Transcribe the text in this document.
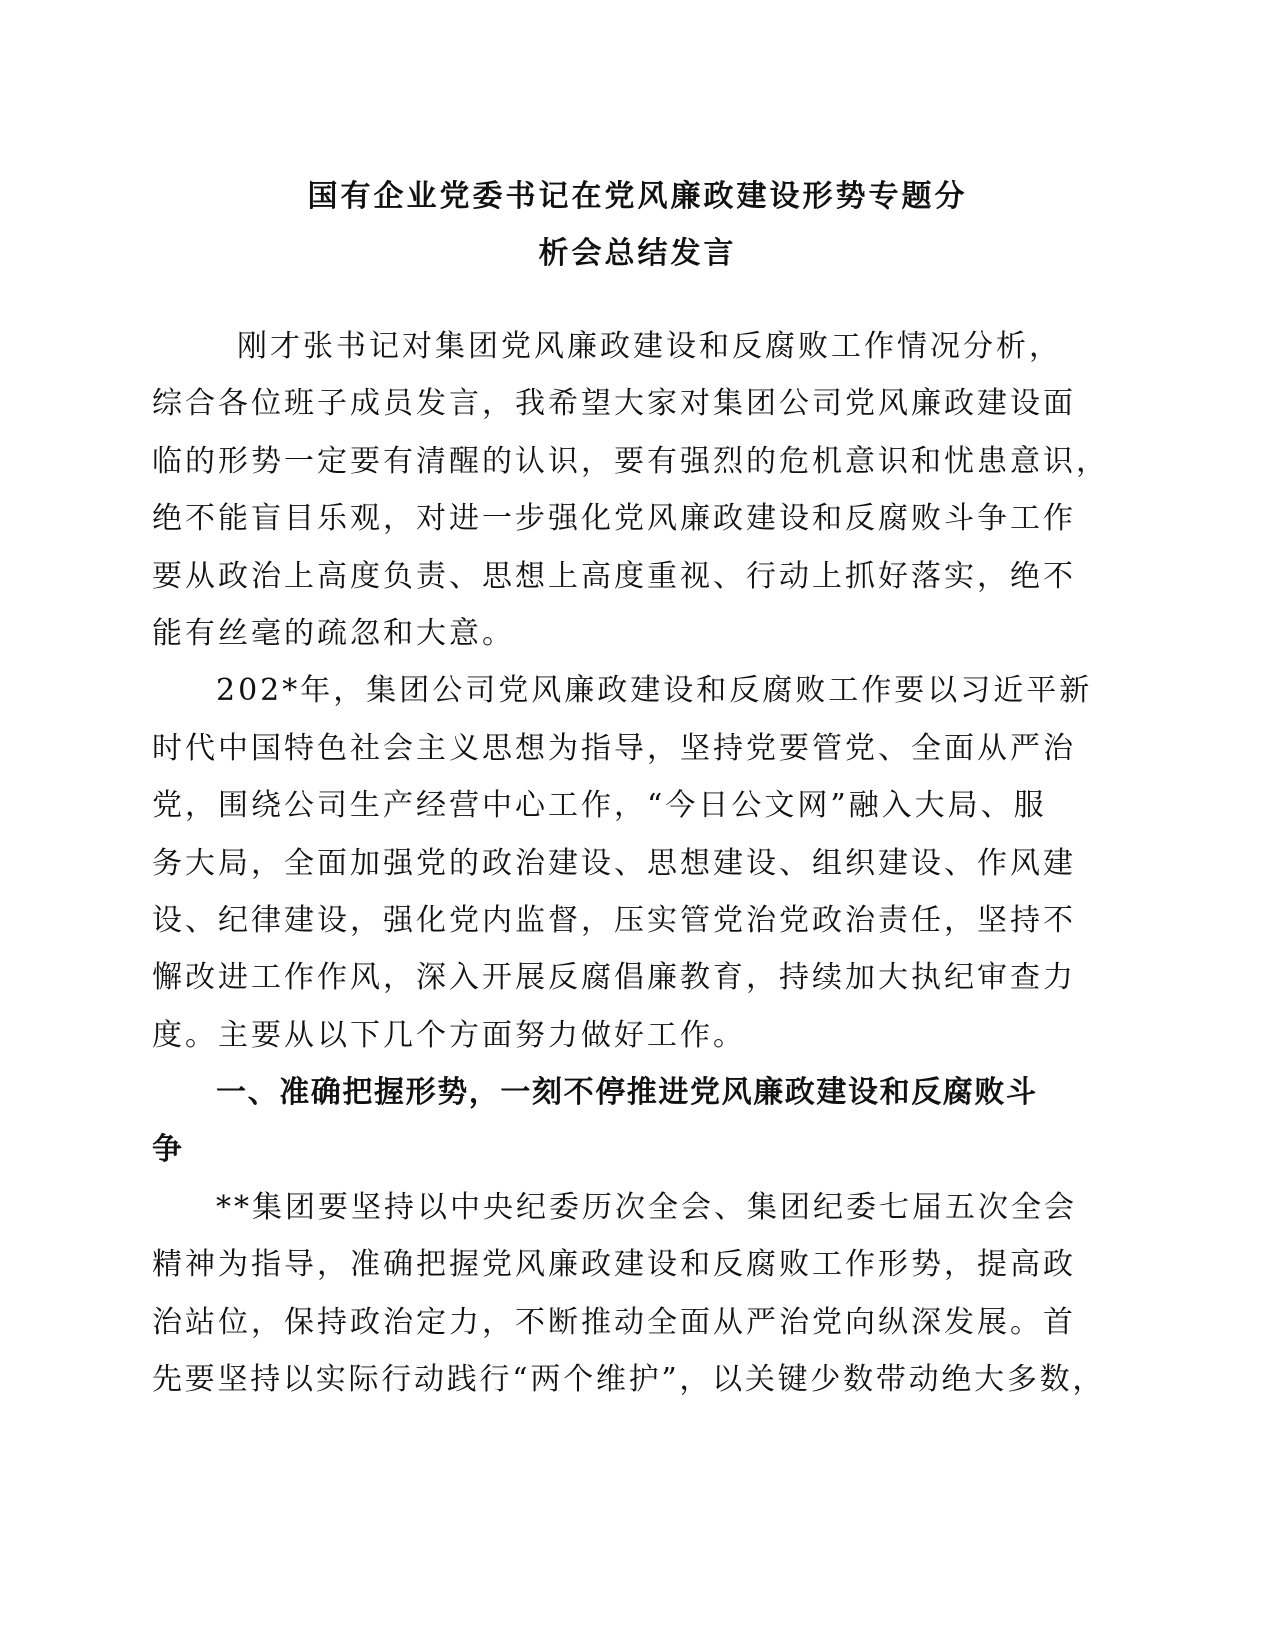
国有企业党委书记在党风廉政建设形势专题分
析会总结发言
刚才张书记对集团党风廉政建设和反腐败工作情况分析，
综合各位班子成员发言，我希望大家对集团公司党风廉政建设面
临的形势一定要有清醒的认识，要有强烈的危机意识和忧患意识，
绝不能盲目乐观，对进一步强化党风廉政建设和反腐败斗争工作
要从政治上高度负责、思想上高度重视、行动上抓好落实，绝不
能有丝毫的疏忽和大意。
202*年，集团公司党风廉政建设和反腐败工作要以习近平新
时代中国特色社会主义思想为指导，坚持党要管党、全面从严治
党，围绕公司生产经营中心工作，“今日公文网”融入大局、服
务大局，全面加强党的政治建设、思想建设、组织建设、作风建
设、纪律建设，强化党内监督，压实管党治党政治责任，坚持不
懈改进工作作风，深入开展反腐倡廉教育，持续加大执纪审查力
度。主要从以下几个方面努力做好工作。
一、准确把握形势，一刻不停推进党风廉政建设和反腐败斗
争
**集团要坚持以中央纪委历次全会、集团纪委七届五次全会
精神为指导，准确把握党风廉政建设和反腐败工作形势，提高政
治站位，保持政治定力，不断推动全面从严治党向纵深发展。首
先要坚持以实际行动践行“两个维护”，以关键少数带动绝大多数，
